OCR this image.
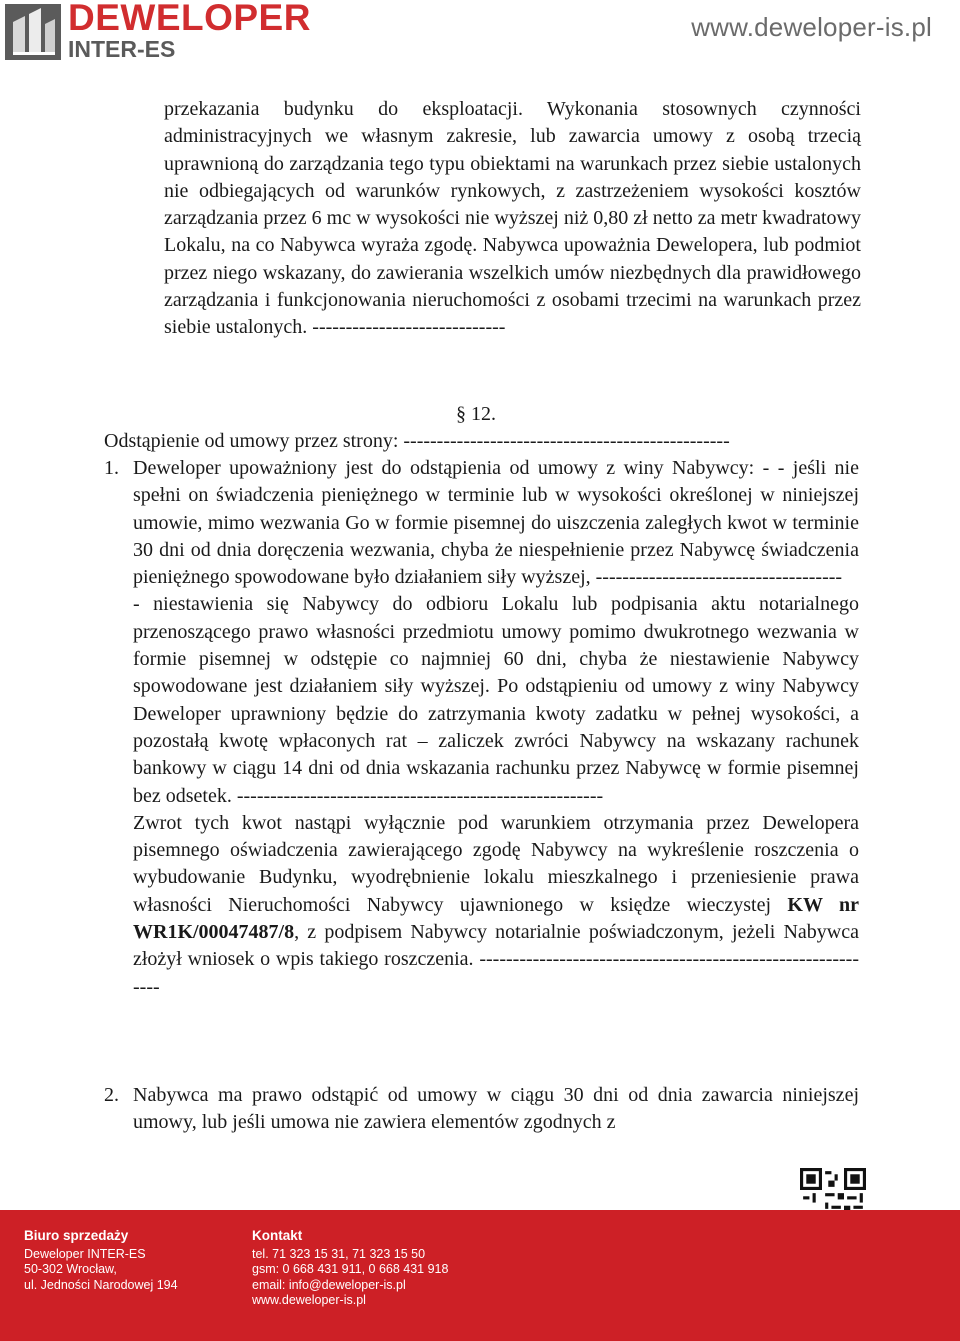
DEWELOPER
INTER-ES
www.deweloper-is.pl
przekazania budynku do eksploatacji. Wykonania stosownych czynności administracyjnych we własnym zakresie, lub zawarcia umowy z osobą trzecią uprawnioną do zarządzania tego typu obiektami na warunkach przez siebie ustalonych nie odbiegających od warunków rynkowych, z zastrzeżeniem wysokości kosztów zarządzania przez 6 mc w wysokości nie wyższej niż 0,80 zł netto za metr kwadratowy Lokalu, na co Nabywca wyraża zgodę. Nabywca upoważnia Dewelopera, lub podmiot przez niego wskazany, do zawierania wszelkich umów niezbędnych dla prawidłowego zarządzania i funkcjonowania nieruchomości z osobami trzecimi na warunkach przez siebie ustalonych. -----------------------------
§ 12.
Odstąpienie od umowy przez strony: -------------------------------------------------
1. Deweloper upoważniony jest do odstąpienia od umowy z winy Nabywcy: - - jeśli nie spełni on świadczenia pieniężnego w terminie lub w wysokości określonej w niniejszej umowie, mimo wezwania Go w formie pisemnej do uiszczenia zaległych kwot w terminie 30 dni od dnia doręczenia wezwania, chyba że niespełnienie przez Nabywcę świadczenia pieniężnego spowodowane było działaniem siły wyższej, -------------------------------------

- niestawienia się Nabywcy do odbioru Lokalu lub podpisania aktu notarialnego przenoszącego prawo własności przedmiotu umowy pomimo dwukrotnego wezwania w formie pisemnej w odstępie co najmniej 60 dni, chyba że niestawienie Nabywcy spowodowane jest działaniem siły wyższej. Po odstąpieniu od umowy z winy Nabywcy Deweloper uprawniony będzie do zatrzymania kwoty zadatku w pełnej wysokości, a pozostałą kwotę wpłaconych rat – zaliczek zwróci Nabywcy na wskazany rachunek bankowy w ciągu 14 dni od dnia wskazania rachunku przez Nabywcę w formie pisemnej bez odsetek. -------------------------------------------------------

Zwrot tych kwot nastąpi wyłącznie pod warunkiem otrzymania przez Dewelopera pisemnego oświadczenia zawierającego zgodę Nabywcy na wykreślenie roszczenia o wybudowanie Budynku, wyodrębnienie lokalu mieszkalnego i przeniesienie prawa własności Nieruchomości Nabywcy ujawnionego w księdze wieczystej KW nr WR1K/00047487/8, z podpisem Nabywcy notarialnie poświadczonym, jeżeli Nabywca złożył wniosek o wpis takiego roszczenia. -------------------------------------------------------------

2. Nabywca ma prawo odstąpić od umowy w ciągu 30 dni od dnia zawarcia niniejszej umowy, lub jeśli umowa nie zawiera elementów zgodnych z
Biuro sprzedaży
Deweloper INTER-ES
50-302 Wrocław,
ul. Jedności Narodowej 194
Kontakt
tel. 71 323 15 31, 71 323 15 50
gsm: 0 668 431 911, 0 668 431 918
email: info@deweloper-is.pl
www.deweloper-is.pl
